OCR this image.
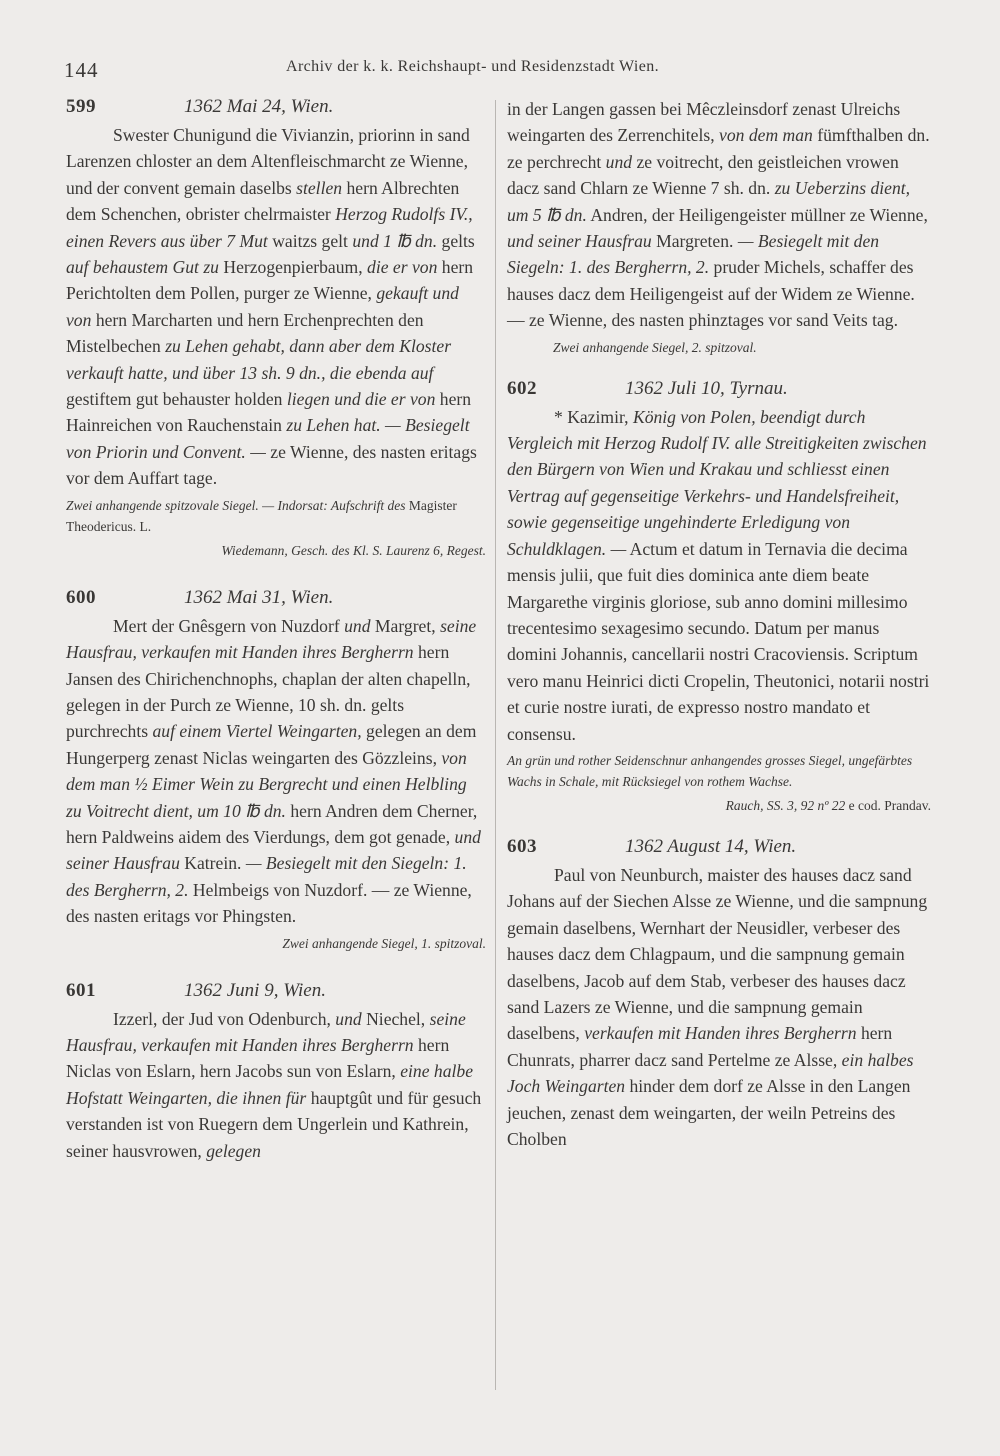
144	Archiv der k. k. Reichshaupt- und Residenzstadt Wien.
599	1362 Mai 24, Wien.

Swester Chunigund die Vivianzin, priorinn in sand Larenzen chloster an dem Altenfleischmarcht ze Wienne, und der convent gemain daselbs stellen hern Albrechten dem Schenchen, obrister chelrmaister Herzog Rudolfs IV., einen Revers aus über 7 Mut waitzs gelt und 1 ℔ dn. gelts auf behaustem Gut zu Herzogenpierbaum, die er von hern Perichtolten dem Pollen, purger ze Wienne, gekauft und von hern Marcharten und hern Erchenprechten den Mistelbechen zu Lehen gehabt, dann aber dem Kloster verkauft hatte, und über 13 sh. 9 dn., die ebenda auf gestiftem gut behauster holden liegen und die er von hern Hainreichen von Rauchenstain zu Lehen hat. — Besiegelt von Priorin und Convent. — ze Wienne, des nasten eritags vor dem Auffart tage.

Zwei anhangende spitzovale Siegel. — Indorsat: Aufschrift des Magister Theodericus. L.

Wiedemann, Gesch. des Kl. S. Laurenz 6, Regest.

600	1362 Mai 31, Wien.

Mert der Gnêsgern von Nuzdorf und Margret, seine Hausfrau, verkaufen mit Handen ihres Bergherrn hern Jansen des Chirichenchnophs, chaplan der alten chapelln, gelegen in der Purch ze Wienne, 10 sh. dn. gelts purchrechts auf einem Viertel Weingarten, gelegen an dem Hungerperg zenast Niclas weingarten des Gözzleins, von dem man ½ Eimer Wein zu Bergrecht und einen Helbling zu Voitrecht dient, um 10 ℔ dn. hern Andren dem Cherner, hern Paldweins aidem des Vierdungs, dem got genade, und seiner Hausfrau Katrein. — Besiegelt mit den Siegeln: 1. des Bergherrn, 2. Helmbeigs von Nuzdorf. — ze Wienne, des nasten eritags vor Phingsten.

Zwei anhangende Siegel, 1. spitzoval.

601	1362 Juni 9, Wien.

Izzerl, der Jud von Odenburch, und Niechel, seine Hausfrau, verkaufen mit Handen ihres Bergherrn hern Niclas von Eslarn, hern Jacobs sun von Eslarn, eine halbe Hofstatt Weingarten, die ihnen für hauptgût und für gesuch verstanden ist von Ruegern dem Ungerlein und Kathrein, seiner hausvrowen, gelegen

in der Langen gassen bei Mêczleinsdorf zenast Ulreichs weingarten des Zerrenchitels, von dem man fümfthalben dn. ze perchrecht und ze voitrecht, den geistleichen vrowen dacz sand Chlarn ze Wienne 7 sh. dn. zu Ueberzins dient, um 5 ℔ dn. Andren, der Heiligengeister müllner ze Wienne, und seiner Hausfrau Margreten. — Besiegelt mit den Siegeln: 1. des Bergherrn, 2. pruder Michels, schaffer des hauses dacz dem Heiligengeist auf der Widem ze Wienne. — ze Wienne, des nasten phinztages vor sand Veits tag.

Zwei anhangende Siegel, 2. spitzoval.

602	1362 Juli 10, Tyrnau.

* Kazimir, König von Polen, beendigt durch Vergleich mit Herzog Rudolf IV. alle Streitigkeiten zwischen den Bürgern von Wien und Krakau und schliesst einen Vertrag auf gegenseitige Verkehrs- und Handelsfreiheit, sowie gegenseitige ungehinderte Erledigung von Schuldklagen. — Actum et datum in Ternavia die decima mensis julii, que fuit dies dominica ante diem beate Margarethe virginis gloriose, sub anno domini millesimo trecentesimo sexagesimo secundo. Datum per manus domini Johannis, cancellarii nostri Cracoviensis. Scriptum vero manu Heinrici dicti Cropelin, Theutonici, notarii nostri et curie nostre iurati, de expresso nostro mandato et consensu.

An grün und rother Seidenschnur anhangendes grosses Siegel, ungefärbtes Wachs in Schale, mit Rücksiegel von rothem Wachse.

Rauch, SS. 3, 92 nº 22 e cod. Prandav.

603	1362 August 14, Wien.

Paul von Neunburch, maister des hauses dacz sand Johans auf der Siechen Alsse ze Wienne, und die sampnung gemain daselbens, Wernhart der Neusidler, verbeser des hauses dacz dem Chlagpaum, und die sampnung gemain daselbens, Jacob auf dem Stab, verbeser des hauses dacz sand Lazers ze Wienne, und die sampnung gemain daselbens, verkaufen mit Handen ihres Bergherrn hern Chunrats, pharrer dacz sand Pertelme ze Alsse, ein halbes Joch Weingarten hinder dem dorf ze Alsse in den Langen jeuchen, zenast dem weingarten, der weiln Petreins des Cholben
